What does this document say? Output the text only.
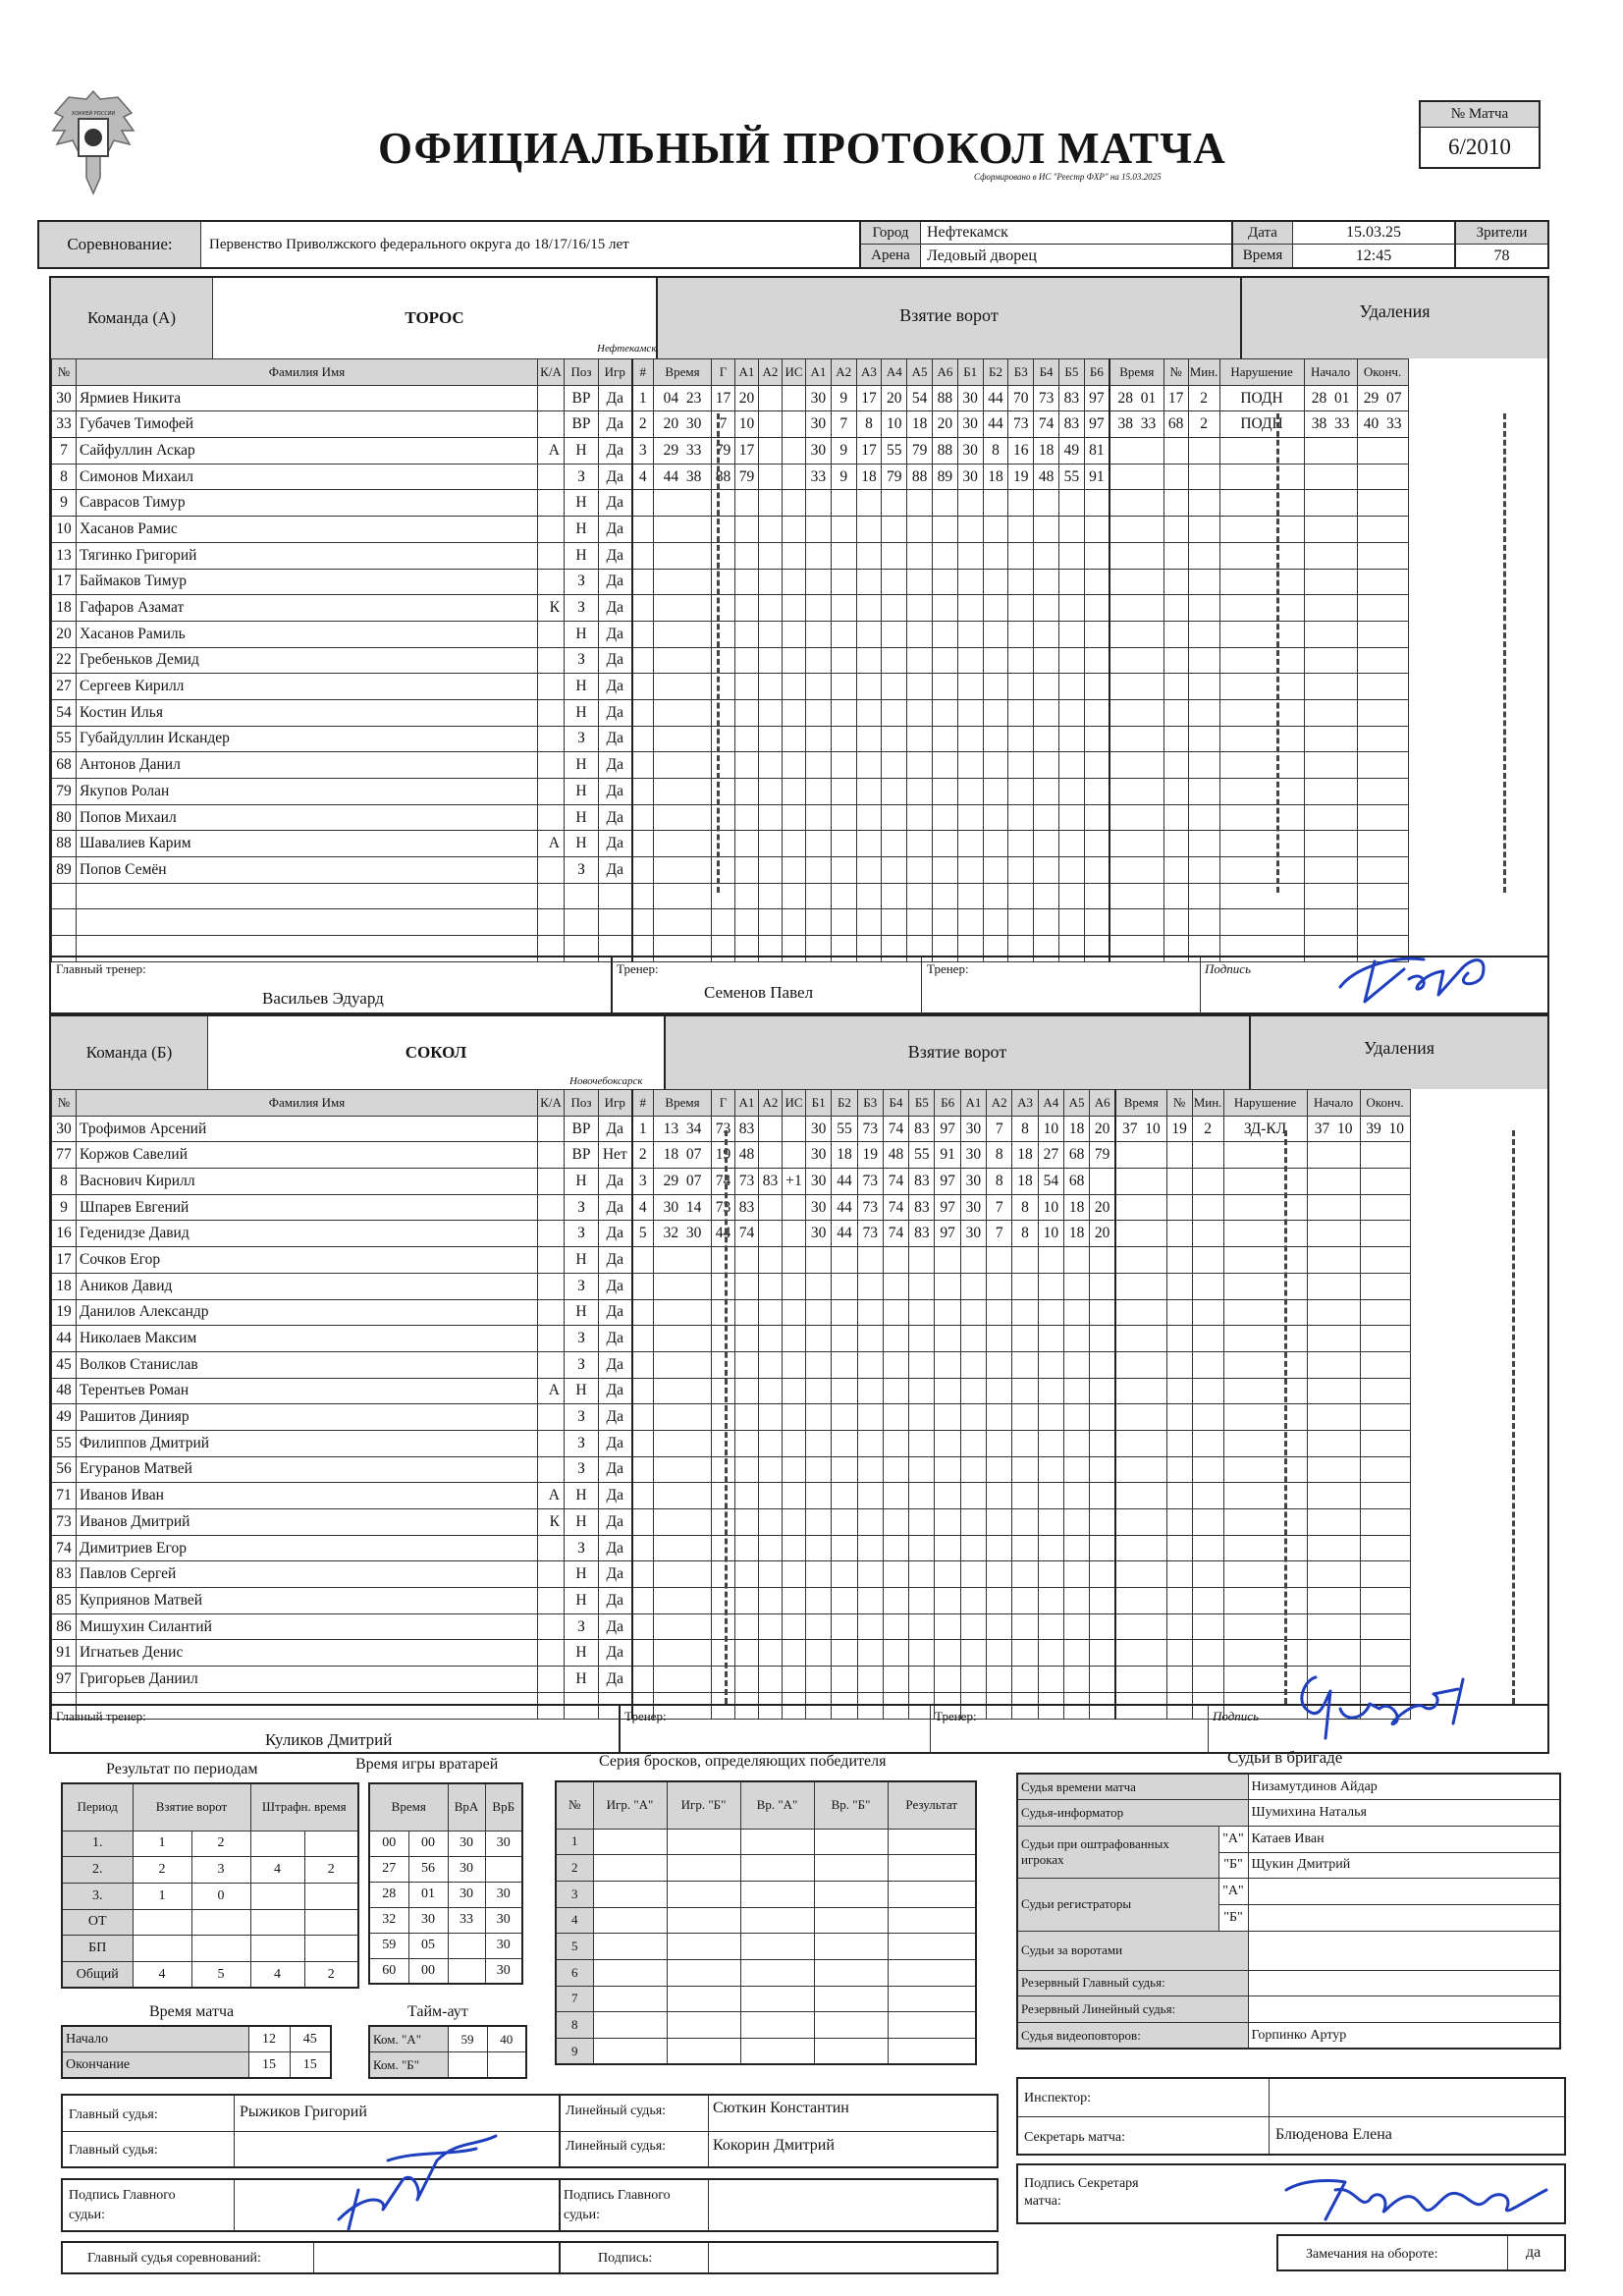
ХОККЕЙ РОССИИ
ОФИЦИАЛЬНЫЙ ПРОТОКОЛ МАТЧА
Сформировано в ИС "Реестр ФХР" на 15.03.2025
№ Матча
6/2010
Соревнование:	Первенство Приволжского федерального округа до 18/17/16/15 лет
Город	Нефтекамск
Арена	Ледовый дворец
Дата	15.03.25
Время	12:45
Зрители
78
Команда (А)	ТОРОС
Нефтекамск
Взятие ворот	Удаления
№	Фамилия Имя	К/А	Поз	Игр	#	Время	Г	А1	А2	ИС	А1	А2	А3	А4	А5	А6	Б1	Б2	Б3	Б4	Б5	Б6	Время	№	Мин.	Нарушение	Начало	Оконч.
30	Ярмиев Никита		ВР	Да	1	04 23	17	20			30	9	17	20	54	88	30	44	70	73	83	97	28 01	17	2	ПОДН	28 01	29 07
33	Губачев Тимофей		ВР	Да	2	20 30	7	10			30	7	8	10	18	20	30	44	73	74	83	97	38 33	68	2	ПОДН	38 33	40 33
7	Сайфуллин Аскар	А	Н	Да	3	29 33	79	17			30	9	17	55	79	88	30	8	16	18	49	81						
8	Симонов Михаил		З	Да	4	44 38	88	79			33	9	18	79	88	89	30	18	19	48	55	91						
9	Саврасов Тимур		Н	Да																								
10	Хасанов Рамис		Н	Да																								
13	Тягинко Григорий		Н	Да																								
17	Баймаков Тимур		З	Да																								
18	Гафаров Азамат	К	З	Да																								
20	Хасанов Рамиль		Н	Да																								
22	Гребеньков Демид		З	Да																								
27	Сергеев Кирилл		Н	Да																								
54	Костин Илья		Н	Да																								
55	Губайдуллин Искандер		З	Да																								
68	Антонов Данил		Н	Да																								
79	Якупов Ролан		Н	Да																								
80	Попов Михаил		Н	Да																								
88	Шавалиев Карим	А	Н	Да																								
89	Попов Семён		З	Да																								

Главный тренер:
Васильев Эдуард
Тренер:
Семенов Павел
Тренер:	Подпись
Команда (Б)	СОКОЛ
Новочебоксарск
Взятие ворот	Удаления
№	Фамилия Имя	К/А	Поз	Игр	#	Время	Г	А1	А2	ИС	Б1	Б2	Б3	Б4	Б5	Б6	А1	А2	А3	А4	А5	А6	Время	№	Мин.	Нарушение	Начало	Оконч.
30	Трофимов Арсений		ВР	Да	1	13 34	73	83			30	55	73	74	83	97	30	7	8	10	18	20	37 10	19	2	ЗД-КЛ	37 10	39 10
77	Коржов Савелий		ВР	Нет	2	18 07	19	48			30	18	19	48	55	91	30	8	18	27	68	79						
8	Васнович Кирилл		Н	Да	3	29 07	74	73	83	+1	30	44	73	74	83	97	30	8	18	54	68							
9	Шпарев Евгений		З	Да	4	30 14	73	83			30	44	73	74	83	97	30	7	8	10	18	20						
16	Геденидзе Давид		З	Да	5	32 30	44	74			30	44	73	74	83	97	30	7	8	10	18	20						
17	Сочков Егор		Н	Да																								
18	Аников Давид		З	Да																								
19	Данилов Александр		Н	Да																								
44	Николаев Максим		З	Да																								
45	Волков Станислав		З	Да																								
48	Терентьев Роман	А	Н	Да																								
49	Рашитов Динияр		З	Да																								
55	Филиппов Дмитрий		З	Да																								
56	Егуранов Матвей		З	Да																								
71	Иванов Иван	А	Н	Да																								
73	Иванов Дмитрий	К	Н	Да																								
74	Димитриев Егор		З	Да																								
83	Павлов Сергей		Н	Да																								
85	Куприянов Матвей		Н	Да																								
86	Мишухин Силантий		З	Да																								
91	Игнатьев Денис		Н	Да																								
97	Григорьев Даниил		Н	Да																								

Главный тренер:
Куликов Дмитрий
Тренер:	Тренер:	Подпись
Результат по периодам
Период	Взятие ворот		Штрафн. время	
1.	1	2		
2.	2	3	4	2
3.	1	0		
ОТ				
БП				
Общий	4	5	4	2
Время игры вратарей
Время		ВрА	ВрБ
00	00	30	30
27	56	30	
28	01	30	30
32	30	33	30
59	05		30
60	00		30
Время матча
Начало	12	45
Окончание	15	15
Тайм-аут
Ком. "А"	59	40
Ком. "Б"		
Серия бросков, определяющих победителя
№	Игр. "А"	Игр. "Б"	Вр. "А"	Вр. "Б"	Результат
1					
2					
3					
4					
5					
6					
7					
8					
9					
Судьи в бригаде
Судья времени матча		Низамутдинов Айдар
Судья-информатор		Шумихина Наталья
Судьи при оштрафованных игроках	"А"	Катаев Иван
	"Б"	Щукин Дмитрий
Судьи регистраторы	"А"	
	"Б"	
Судьи за воротами		
Резервный Главный судья:		
Резервный Линейный судья:		
Судья видеоповторов:		Горпинко Артур
Инспектор:
Секретарь матча:	Блюденова Елена
Подпись Секретаря матча:
Замечания на обороте:	да
Главный судья:	Рыжиков Григорий
Главный судья:
Линейный судья:	Сюткин Константин
Линейный судья:	Кокорин Дмитрий
Подпись Главного судьи:
Подпись Главного судьи:
Главный судья соревнований:	Подпись:
